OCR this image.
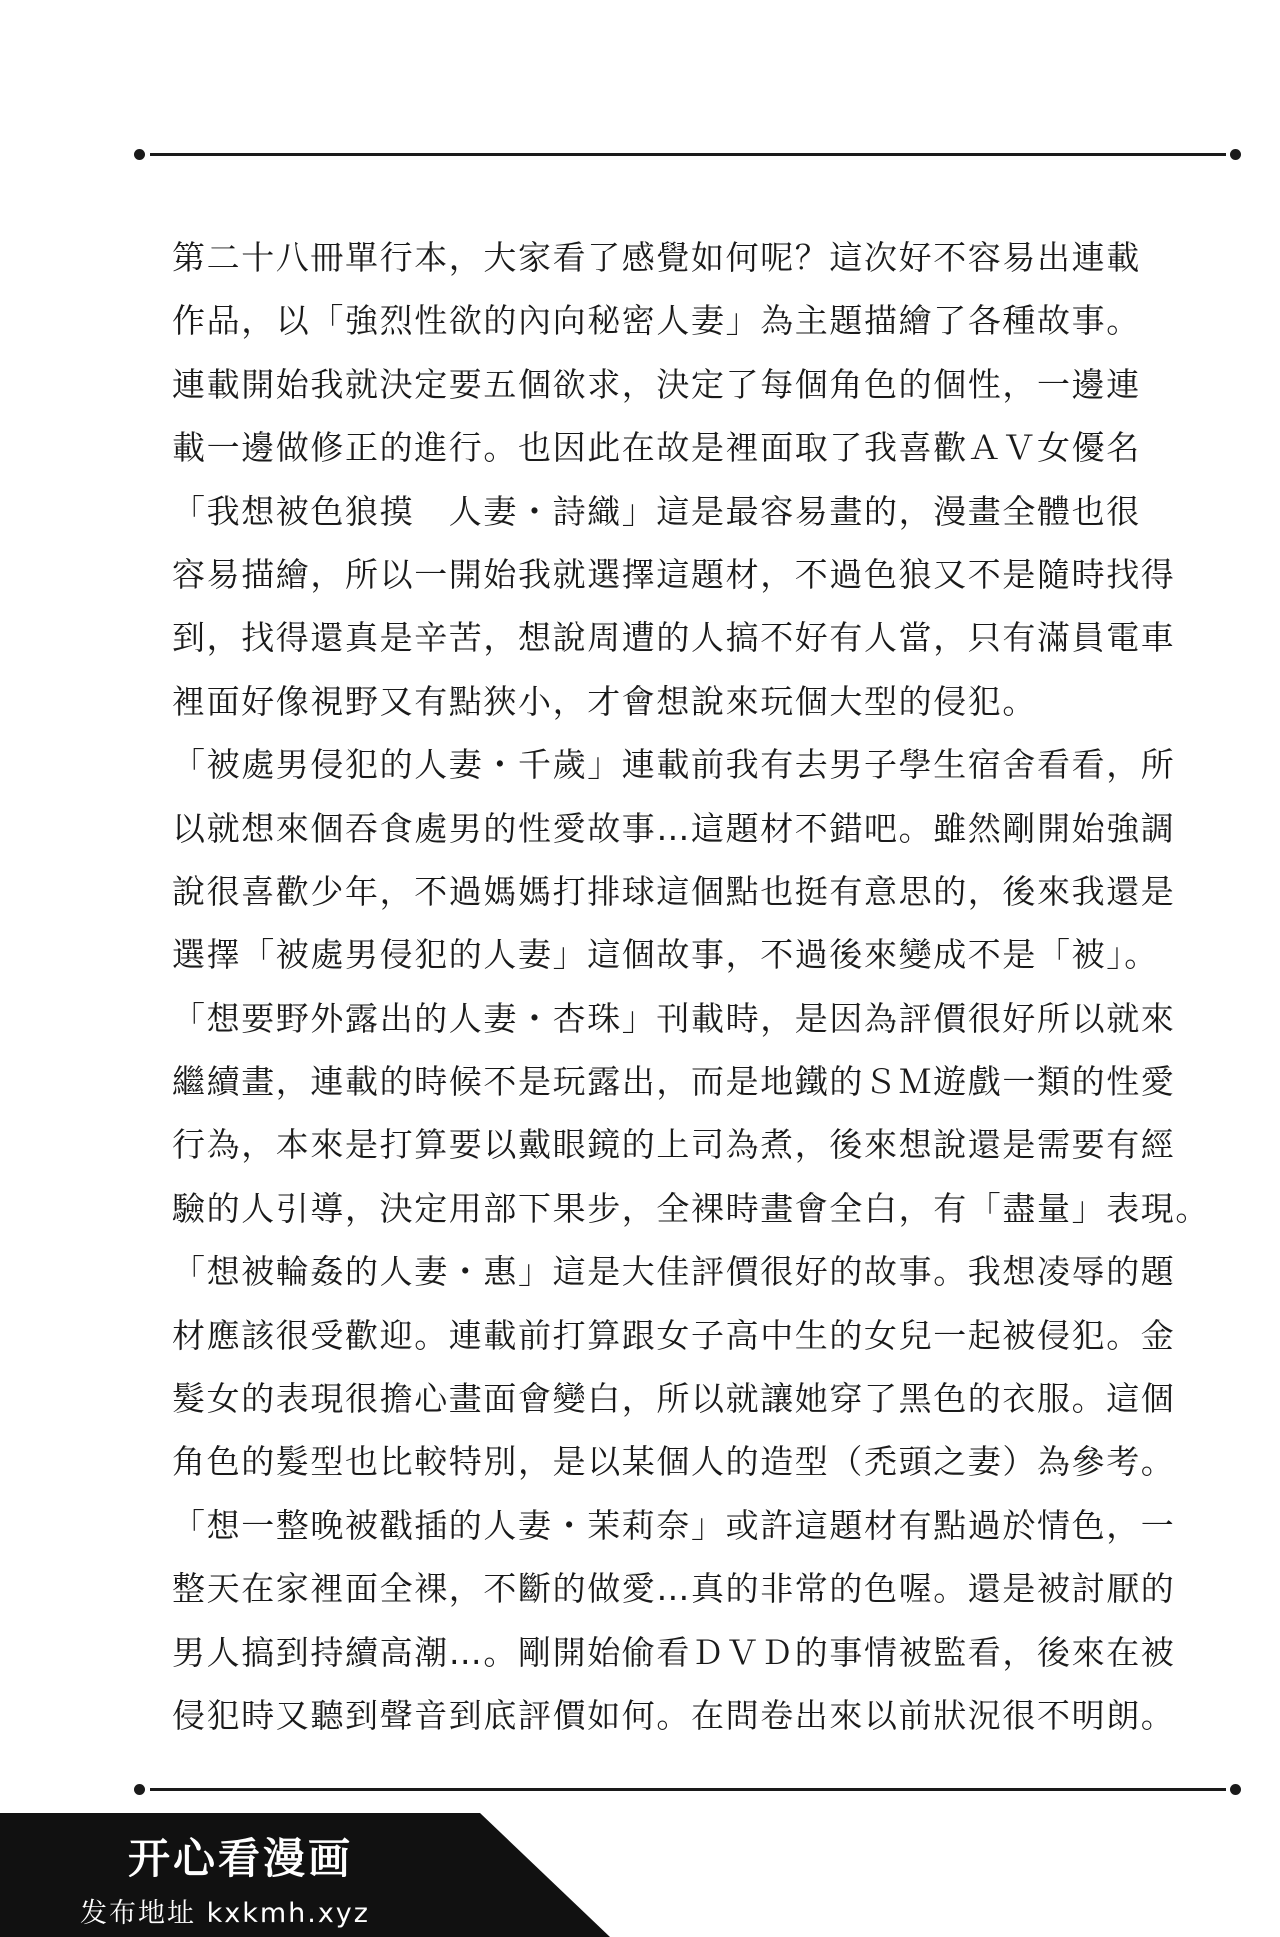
第二十八冊單行本，大家看了感覺如何呢？這次好不容易出連載
作品，以「強烈性欲的內向秘密人妻」為主題描繪了各種故事。
連載開始我就決定要五個欲求，決定了每個角色的個性，一邊連
載一邊做修正的進行。也因此在故是裡面取了我喜歡ＡＶ女優名
「我想被色狼摸　人妻・詩織」這是最容易畫的，漫畫全體也很
容易描繪，所以一開始我就選擇這題材，不過色狼又不是隨時找得
到，找得還真是辛苦，想說周遭的人搞不好有人當，只有滿員電車
裡面好像視野又有點狹小，才會想說來玩個大型的侵犯。
「被處男侵犯的人妻・千歲」連載前我有去男子學生宿舍看看，所
以就想來個吞食處男的性愛故事…這題材不錯吧。雖然剛開始強調
說很喜歡少年，不過媽媽打排球這個點也挺有意思的，後來我還是
選擇「被處男侵犯的人妻」這個故事，不過後來變成不是「被」。
「想要野外露出的人妻・杏珠」刊載時，是因為評價很好所以就來
繼續畫，連載的時候不是玩露出，而是地鐵的ＳＭ遊戲一類的性愛
行為，本來是打算要以戴眼鏡的上司為煮，後來想說還是需要有經
驗的人引導，決定用部下果步，全裸時畫會全白，有「盡量」表現。
「想被輪姦的人妻・惠」這是大佳評價很好的故事。我想凌辱的題
材應該很受歡迎。連載前打算跟女子高中生的女兒一起被侵犯。金
髮女的表現很擔心畫面會變白，所以就讓她穿了黑色的衣服。這個
角色的髮型也比較特別，是以某個人的造型（禿頭之妻）為參考。
「想一整晚被戳插的人妻・茉莉奈」或許這題材有點過於情色，一
整天在家裡面全裸，不斷的做愛…真的非常的色喔。還是被討厭的
男人搞到持續高潮…。剛開始偷看ＤＶＤ的事情被監看，後來在被
侵犯時又聽到聲音到底評價如何。在問卷出來以前狀況很不明朗。
开心看漫画
发布地址 kxkmh.xyz
